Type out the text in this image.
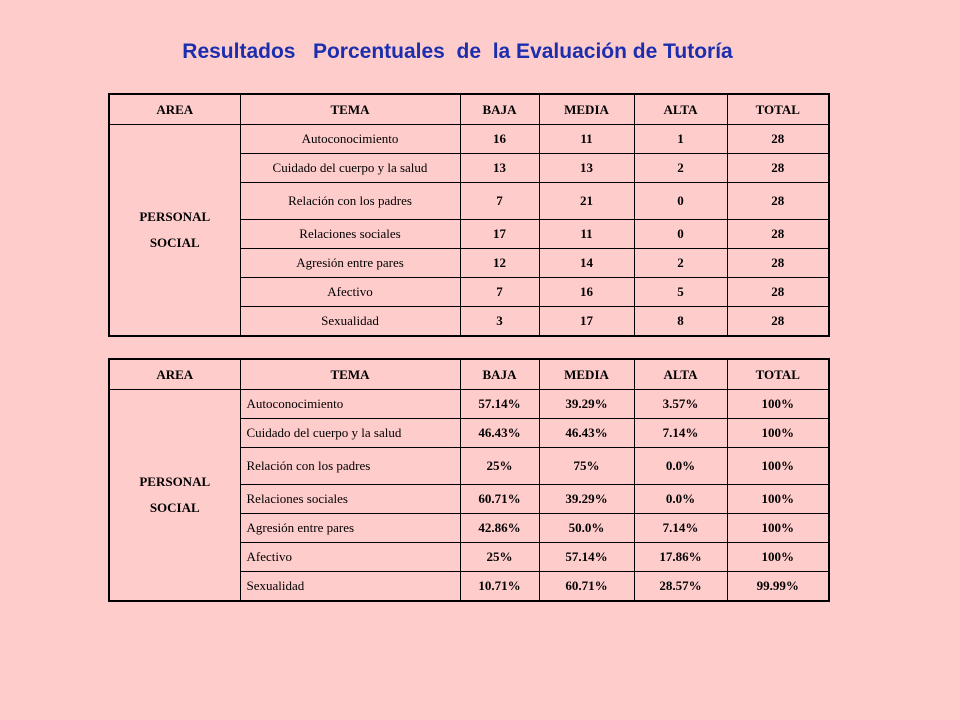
Resultados   Porcentuales  de  la Evaluación de Tutoría
AREA	TEMA	BAJA	MEDIA	ALTA	TOTAL

PERSONAL
SOCIAL	Autoconocimiento	16	11	1	28
	Cuidado del cuerpo y la salud	13	13	2	28
	Relación con los padres	7	21	0	28
	Relaciones sociales	17	11	0	28
	Agresión entre pares	12	14	2	28
	Afectivo	7	16	5	28
	Sexualidad	3	17	8	28
AREA	TEMA	BAJA	MEDIA	ALTA	TOTAL

PERSONAL
SOCIAL	Autoconocimiento	57.14%	39.29%	3.57%	100%
	Cuidado del cuerpo y la salud	46.43%	46.43%	7.14%	100%
	Relación con los padres	25%	75%	0.0%	100%
	Relaciones sociales	60.71%	39.29%	0.0%	100%
	Agresión entre pares	42.86%	50.0%	7.14%	100%
	Afectivo	25%	57.14%	17.86%	100%
	Sexualidad	10.71%	60.71%	28.57%	99.99%
